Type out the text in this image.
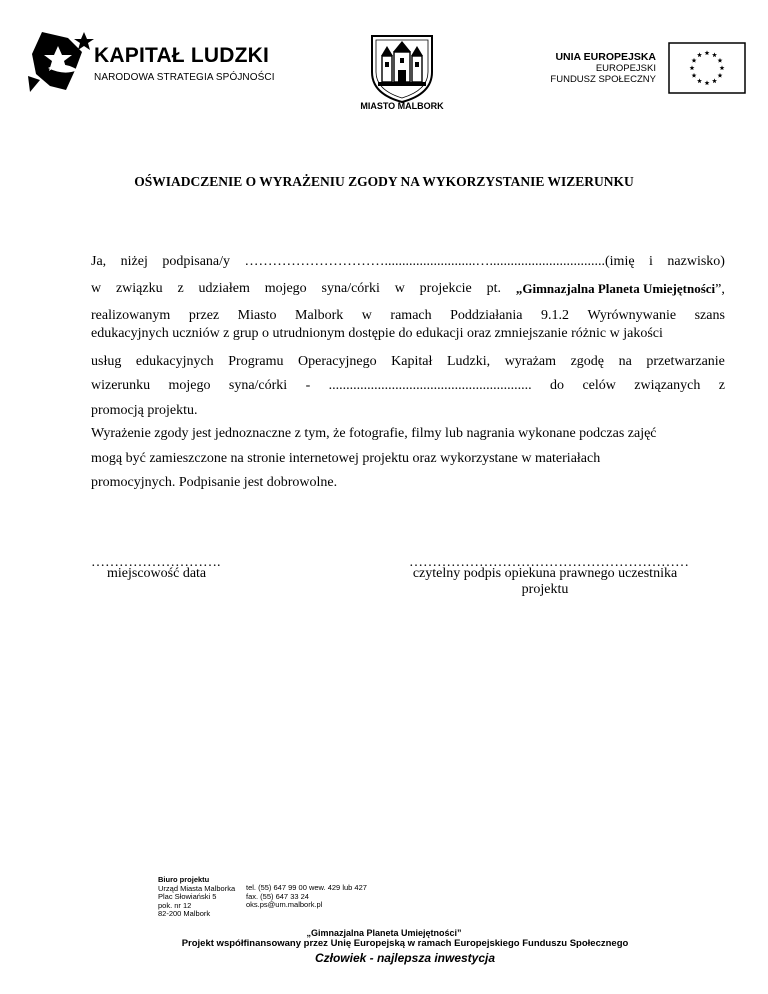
KAPITAŁ LUDZKI
NARODOWA STRATEGIA SPÓJNOŚCI
MIASTO MALBORK
UNIA EUROPEJSKA
EUROPEJSKI
FUNDUSZ SPOŁECZNY
OŚWIADCZENIE O WYRAŻENIU ZGODY NA WYKORZYSTANIE WIZERUNKU
Ja, niżej podpisana/y …………………………..........................….................................(imię i nazwisko)
w związku z udziałem mojego syna/córki w projekcie pt. „Gimnazjalna Planeta Umiejętności”,
realizowanym przez Miasto Malbork w ramach Poddziałania 9.1.2 Wyrównywanie szans
edukacyjnych uczniów z grup o utrudnionym dostępie do edukacji oraz zmniejszanie różnic w jakości
usług edukacyjnych Programu Operacyjnego Kapitał Ludzki, wyrażam zgodę na przetwarzanie
wizerunku mojego syna/córki - .......................................................... do celów związanych z
promocją projektu.
Wyrażenie zgody jest jednoznaczne z tym, że fotografie, filmy lub nagrania wykonane podczas zajęć
mogą być zamieszczone na stronie internetowej projektu oraz wykorzystane w materiałach
promocyjnych. Podpisanie jest dobrowolne.
……………………….
miejscowość data
……………………………………………………
czytelny podpis opiekuna prawnego uczestnika projektu
Biuro projektu
Urząd Miasta Malborka
Plac Słowiański 5
pok. nr 12
82-200 Malbork
tel. (55) 647 99 00 wew. 429 lub 427
fax. (55) 647 33 24
oks.ps@um.malbork.pl
„Gimnazjalna Planeta Umiejętności”
Projekt współfinansowany przez Unię Europejską w ramach Europejskiego Funduszu Społecznego
Człowiek - najlepsza inwestycja
